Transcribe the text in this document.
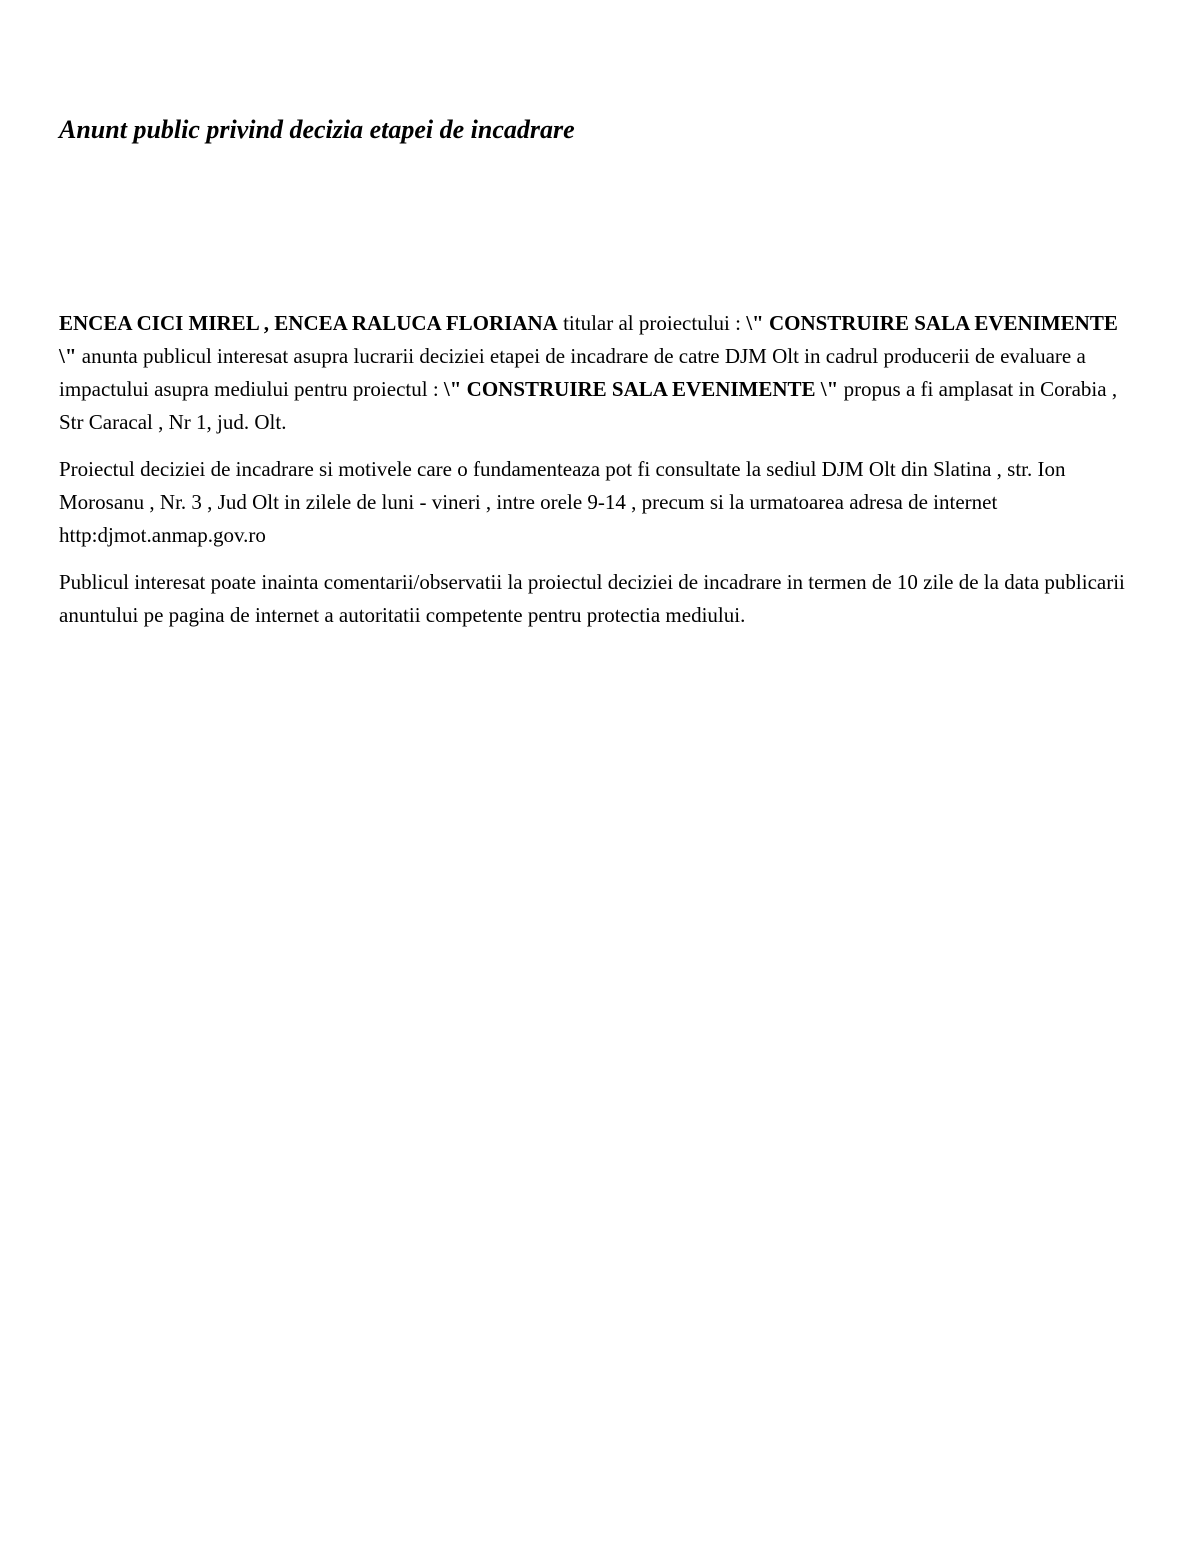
Anunt public privind decizia etapei de incadrare

ENCEA CICI MIREL , ENCEA RALUCA FLORIANA titular al proiectului : \" CONSTRUIRE SALA EVENIMENTE \" anunta publicul interesat asupra lucrarii deciziei etapei de incadrare de catre DJM Olt in cadrul producerii de evaluare a impactului asupra mediului pentru proiectul : \" CONSTRUIRE SALA EVENIMENTE \" propus a fi amplasat in Corabia , Str Caracal , Nr 1, jud. Olt.

Proiectul deciziei de incadrare si motivele care o fundamenteaza pot fi consultate la sediul DJM Olt din Slatina , str. Ion Morosanu , Nr. 3 , Jud Olt in zilele de luni - vineri , intre orele 9-14 , precum si la urmatoarea adresa de internet http:djmot.anmap.gov.ro

Publicul interesat poate inainta comentarii/observatii la proiectul deciziei de incadrare in termen de 10 zile de la data publicarii anuntului pe pagina de internet a autoritatii competente pentru protectia mediului.
